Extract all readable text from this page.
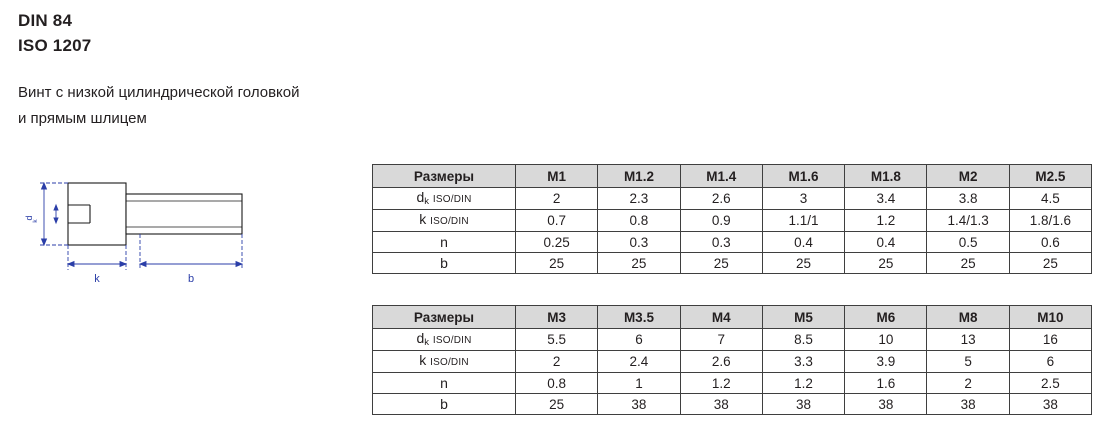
DIN 84
ISO 1207
Винт с низкой цилиндрической головкой
и прямым шлицем
d
k
k	b
Размеры	M1	M1.2	M1.4	M1.6	M1.8	M2	M2.5
dk ISO/DIN	2	2.3	2.6	3	3.4	3.8	4.5
k ISO/DIN	0.7	0.8	0.9	1.1/1	1.2	1.4/1.3	1.8/1.6
n	0.25	0.3	0.3	0.4	0.4	0.5	0.6
b	25	25	25	25	25	25	25
Размеры	M3	M3.5	M4	M5	M6	M8	M10
dk ISO/DIN	5.5	6	7	8.5	10	13	16
k ISO/DIN	2	2.4	2.6	3.3	3.9	5	6
n	0.8	1	1.2	1.2	1.6	2	2.5
b	25	38	38	38	38	38	38
